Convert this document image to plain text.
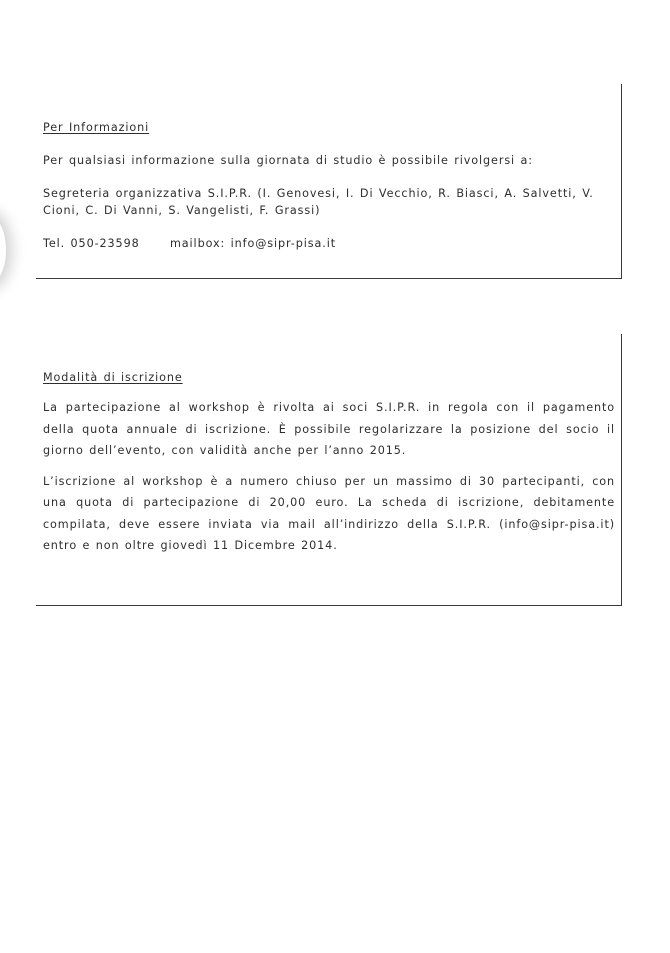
Per Informazioni

Per qualsiasi informazione sulla giornata di studio è possibile rivolgersi a:

Segreteria organizzativa S.I.P.R. (I. Genovesi, I. Di Vecchio, R. Biasci, A. Salvetti, V. Cioni, C. Di Vanni, S. Vangelisti, F. Grassi)

Tel. 050-23598	mailbox: info@sipr-pisa.it

Modalità di iscrizione

La partecipazione al workshop è rivolta ai soci S.I.P.R. in regola con il pagamento della quota annuale di iscrizione. È possibile regolarizzare la posizione del socio il giorno dell’evento, con validità anche per l’anno 2015.

L’iscrizione al workshop è a numero chiuso per un massimo di 30 partecipanti, con una quota di partecipazione di 20,00 euro. La scheda di iscrizione, debitamente compilata, deve essere inviata via mail all’indirizzo della S.I.P.R. (info@sipr-pisa.it) entro e non oltre giovedì 11 Dicembre 2014.
